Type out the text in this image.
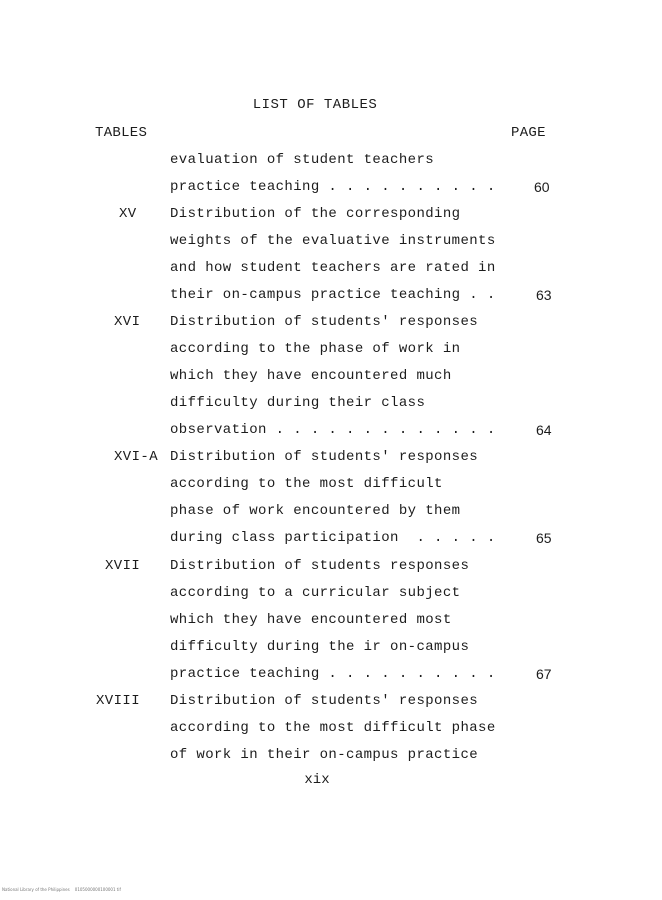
LIST OF TABLES
TABLES	PAGE
evaluation of student teachers
practice teaching . . . . . . . . . .	60
XV Distribution of the corresponding
weights of the evaluative instruments
and how student teachers are rated in
their on-campus practice teaching . .	63
XVI Distribution of students' responses
according to the phase of work in
which they have encountered much
difficulty during their class
observation . . . . . . . . . . . . .	64
XVI-A Distribution of students' responses
according to the most difficult
phase of work encountered by them
during class participation  . . . . .	65
XVII Distribution of students responses
according to a curricular subject
which they have encountered most
difficulty during the ir on-campus
practice teaching . . . . . . . . . .	67
XVIII Distribution of students' responses
according to the most difficult phase
of work in their on-campus practice
xix
National Library of the Philippines    0105000000100001 tif
